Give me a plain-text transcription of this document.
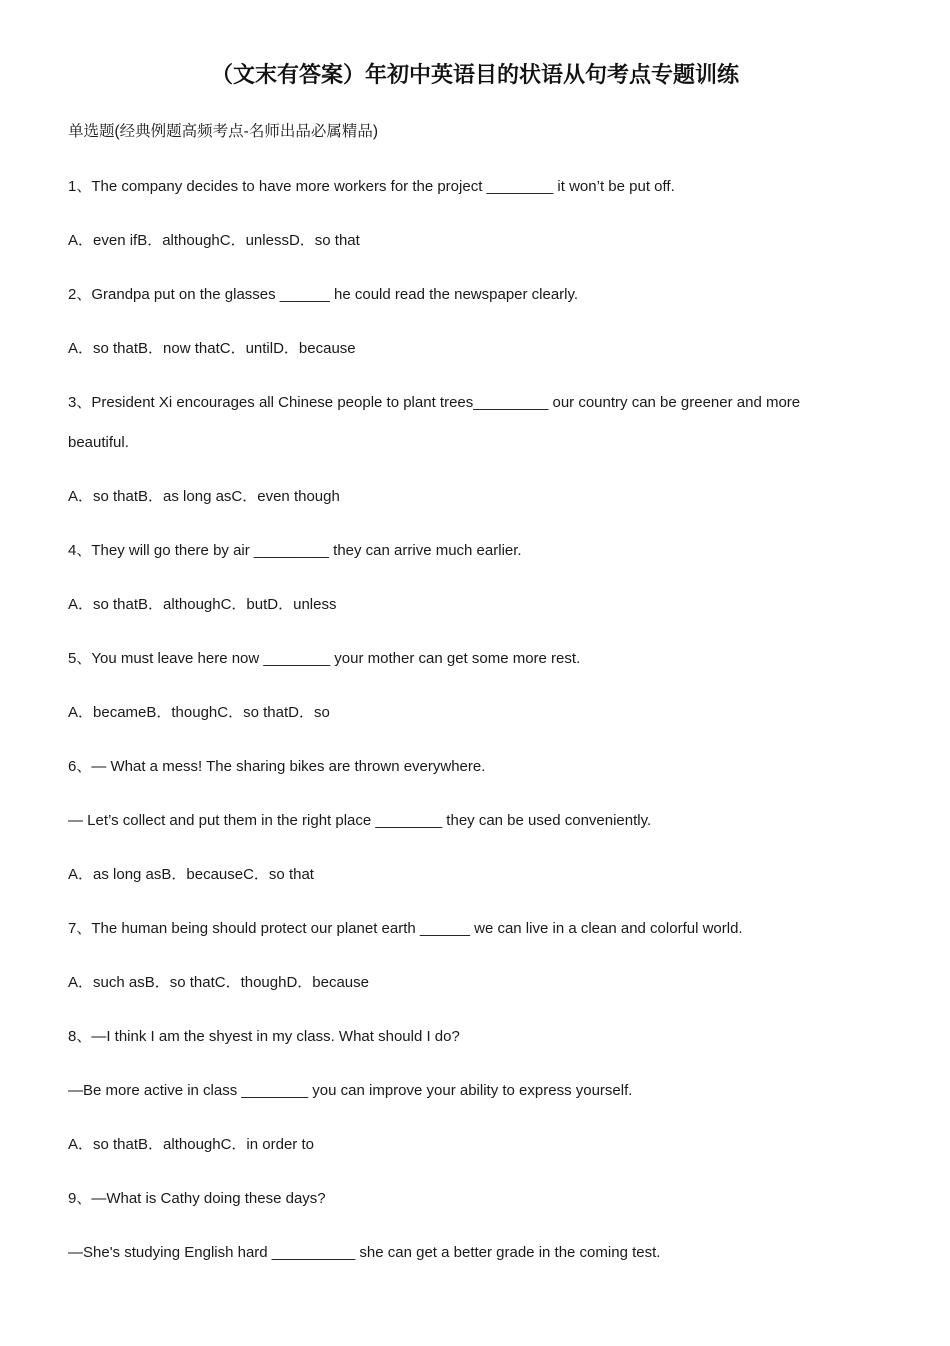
（文末有答案）年初中英语目的状语从句考点专题训练

单选题(经典例题高频考点-名师出品必属精品)

1、The company decides to have more workers for the project ________ it won’t be put off.

A．even ifB．althoughC．unlessD．so that

2、Grandpa put on the glasses ______ he could read the newspaper clearly.

A．so thatB．now thatC．untilD．because

3、President Xi encourages all Chinese people to plant trees_________ our country can be greener and more

beautiful.

A．so thatB．as long asC．even though

4、They will go there by air _________ they can arrive much earlier.

A．so thatB．althoughC．butD．unless

5、You must leave here now ________ your mother can get some more rest.

A．becameB．thoughC．so thatD．so

6、— What a mess! The sharing bikes are thrown everywhere.

— Let’s collect and put them in the right place ________ they can be used conveniently.

A．as long asB．becauseC．so that

7、The human being should protect our planet earth ______ we can live in a clean and colorful world.

A．such asB．so thatC．thoughD．because

8、—I think I am the shyest in my class. What should I do?

—Be more active in class ________ you can improve your ability to express yourself.

A．so thatB．althoughC．in order to

9、—What is Cathy doing these days?

—She's studying English hard __________ she can get a better grade in the coming test.
